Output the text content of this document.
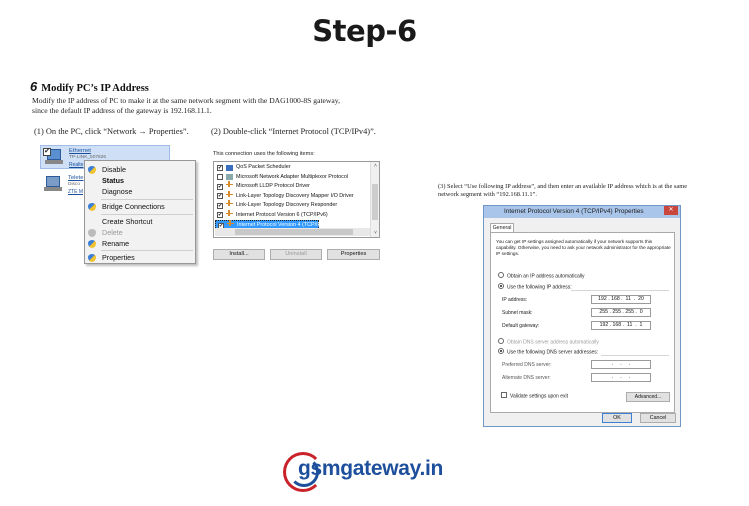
Step-6
6 Modify PC’s IP Address
Modify the IP address of PC to make it at the same network segment with the DAG1000-8S gateway,
since the default IP address of the gateway is 192.168.11.1.
(1) On the PC, click “Network → Properties”.	(2) Double-click “Internet Protocol (TCP/IPv4)”.
✔	Ethernet
TP-LINK_507826
Realte
Telete
Disco
ZTE M
Disable
Status
Diagnose
Bridge Connections
Create Shortcut
Delete
Rename
Properties
This connection uses the following items:
✔	QoS Packet Scheduler
Microsoft Network Adapter Multiplexor Protocol
✔	Microsoft LLDP Protocol Driver
✔	Link-Layer Topology Discovery Mapper I/O Driver
✔	Link-Layer Topology Discovery Responder
✔	Internet Protocol Version 6 (TCP/IPv6)
✔	Internet Protocol Version 4 (TCP/IPv4)
˄
˅
Install...	Uninstall	Properties
(3) Select “Use following IP address”, and then enter an available IP address which is at the same
network segment with “192.168.11.1”.
Internet Protocol Version 4 (TCP/IPv4) Properties	✕
General
You can get IP settings assigned automatically if your network supports this capability. Otherwise, you need to ask your network administrator for the appropriate IP settings.
Obtain an IP address automatically
Use the following IP address:
IP address:	192 . 168 .  11  .  20
Subnet mask:	255 . 255 . 255 .  0
Default gateway:	192 . 168 .  11  .  1
Obtain DNS server address automatically
Use the following DNS server addresses:
Preferred DNS server:	.     .     .
Alternate DNS server:	.     .     .
Validate settings upon exit	Advanced...
OK	Cancel
gsmgateway.in
